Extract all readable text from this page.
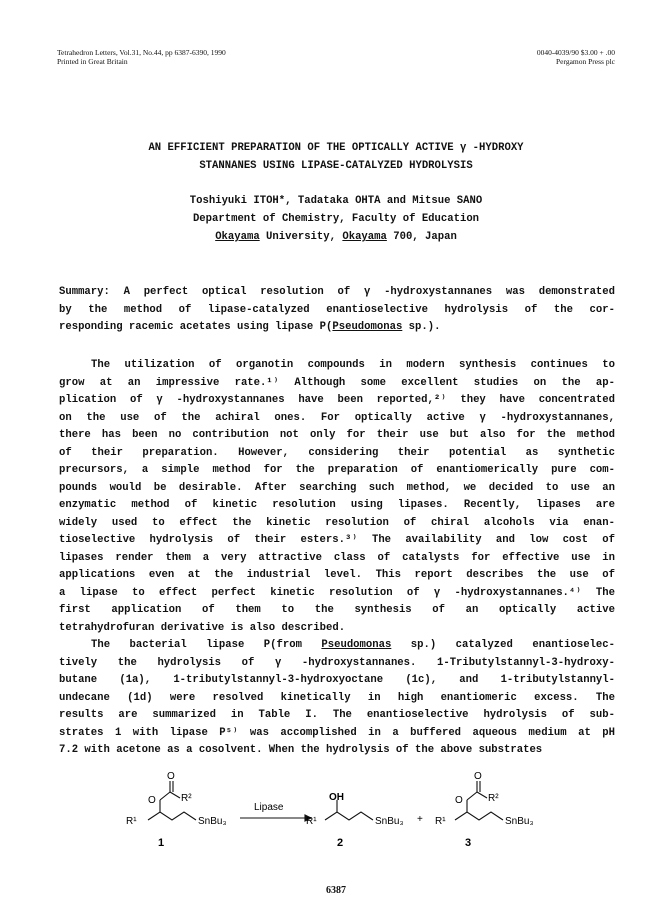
Tetrahedron Letters, Vol.31, No.44, pp 6387-6390, 1990
Printed in Great Britain
0040-4039/90 $3.00 + .00
Pergamon Press plc
AN EFFICIENT PREPARATION OF THE OPTICALLY ACTIVE γ -HYDROXY
STANNANES USING LIPASE-CATALYZED HYDROLYSIS
Toshiyuki ITOH*, Tadataka OHTA and Mitsue SANO
Department of Chemistry, Faculty of Education
Okayama University, Okayama 700, Japan
Summary: A perfect optical resolution of γ -hydroxystannanes was demonstrated
by the method of lipase-catalyzed enantioselective hydrolysis of the cor-
responding racemic acetates using lipase P(Pseudomonas sp.).
The utilization of organotin compounds in modern synthesis continues to
grow at an impressive rate.¹⁾ Although some excellent studies on the ap-
plication of γ -hydroxystannanes have been reported,²⁾ they have concentrated
on the use of the achiral ones. For optically active γ -hydroxystannanes,
there has been no contribution not only for their use but also for the method
of their preparation. However, considering their potential as synthetic
precursors, a simple method for the preparation of enantiomerically pure com-
pounds would be desirable. After searching such method, we decided to use an
enzymatic method of kinetic resolution using lipases. Recently, lipases are
widely used to effect the kinetic resolution of chiral alcohols via enan-
tioselective hydrolysis of their esters.³⁾ The availability and low cost of
lipases render them a very attractive class of catalysts for effective use in
applications even at the industrial level. This report describes the use of
a lipase to effect perfect kinetic resolution of γ -hydroxystannanes.⁴⁾ The
first application of them to the synthesis of an optically active
tetrahydrofuran derivative is also described.
The bacterial lipase P(from Pseudomonas sp.) catalyzed enantioselec-
tively the hydrolysis of γ -hydroxystannanes. 1-Tributylstannyl-3-hydroxy-
butane (1a), 1-tributylstannyl-3-hydroxyoctane (1c), and 1-tributylstannyl-
undecane (1d) were resolved kinetically in high enantiomeric excess. The
results are summarized in Table I. The enantioselective hydrolysis of sub-
strates 1 with lipase P⁵⁾ was accomplished in a buffered aqueous medium at pH
7.2 with acetone as a cosolvent. When the hydrolysis of the above substrates
R¹
O
O
R²
SnBu₃
1
Lipase
R¹
OH
SnBu₃
2
+ R¹
O
O
R²
SnBu₃
3
6387
